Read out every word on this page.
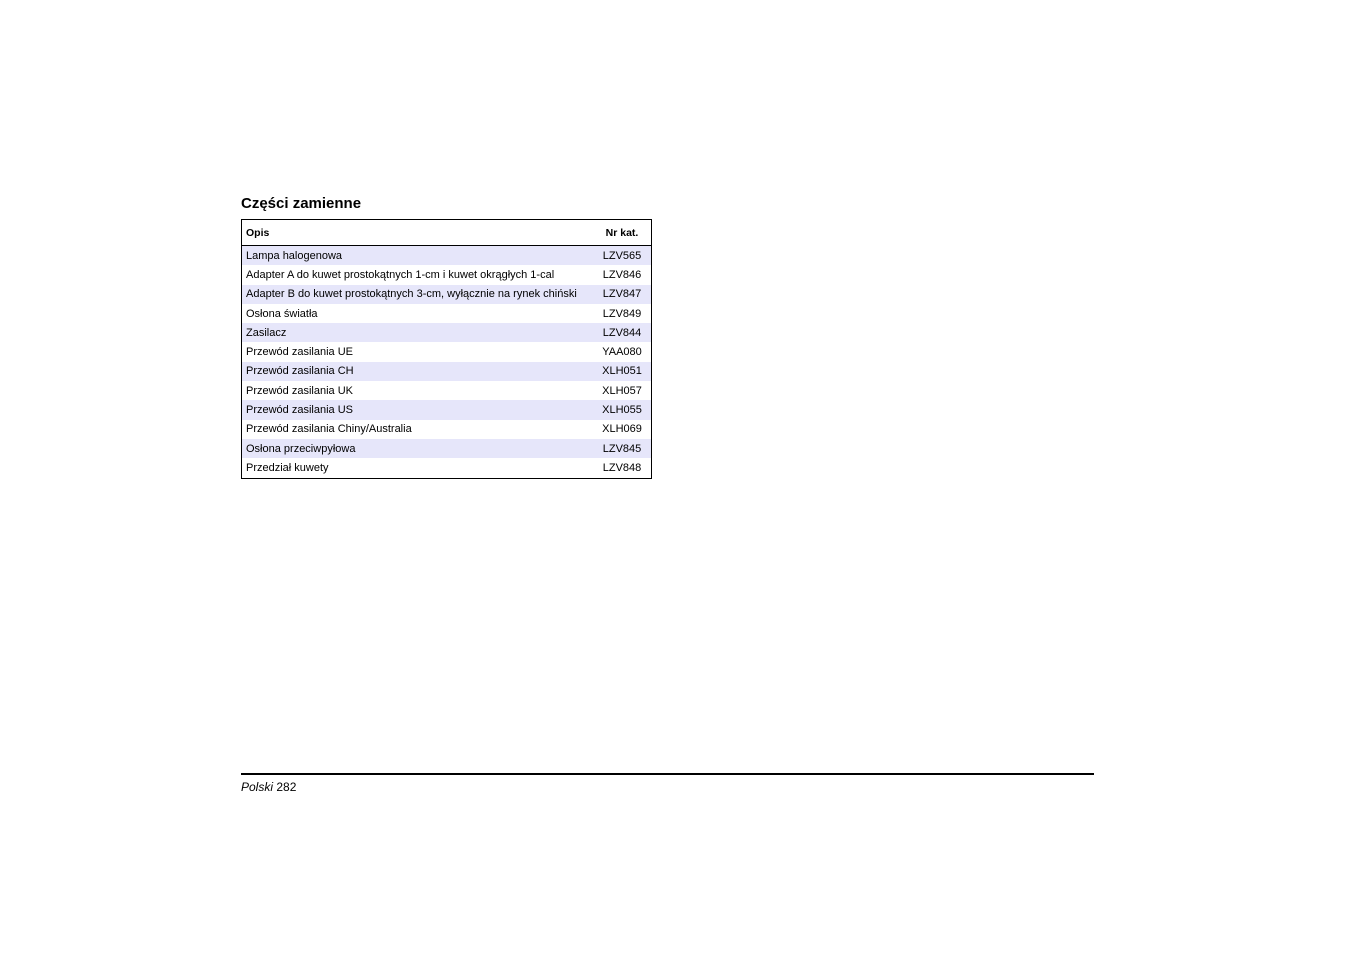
Części zamienne
Opis	Nr kat.
Lampa halogenowa	LZV565
Adapter A do kuwet prostokątnych 1-cm i kuwet okrągłych 1-cal	LZV846
Adapter B do kuwet prostokątnych 3-cm, wyłącznie na rynek chiński	LZV847
Osłona światła	LZV849
Zasilacz	LZV844
Przewód zasilania UE	YAA080
Przewód zasilania CH	XLH051
Przewód zasilania UK	XLH057
Przewód zasilania US	XLH055
Przewód zasilania Chiny/Australia	XLH069
Osłona przeciwpyłowa	LZV845
Przedział kuwety	LZV848
Polski 282
